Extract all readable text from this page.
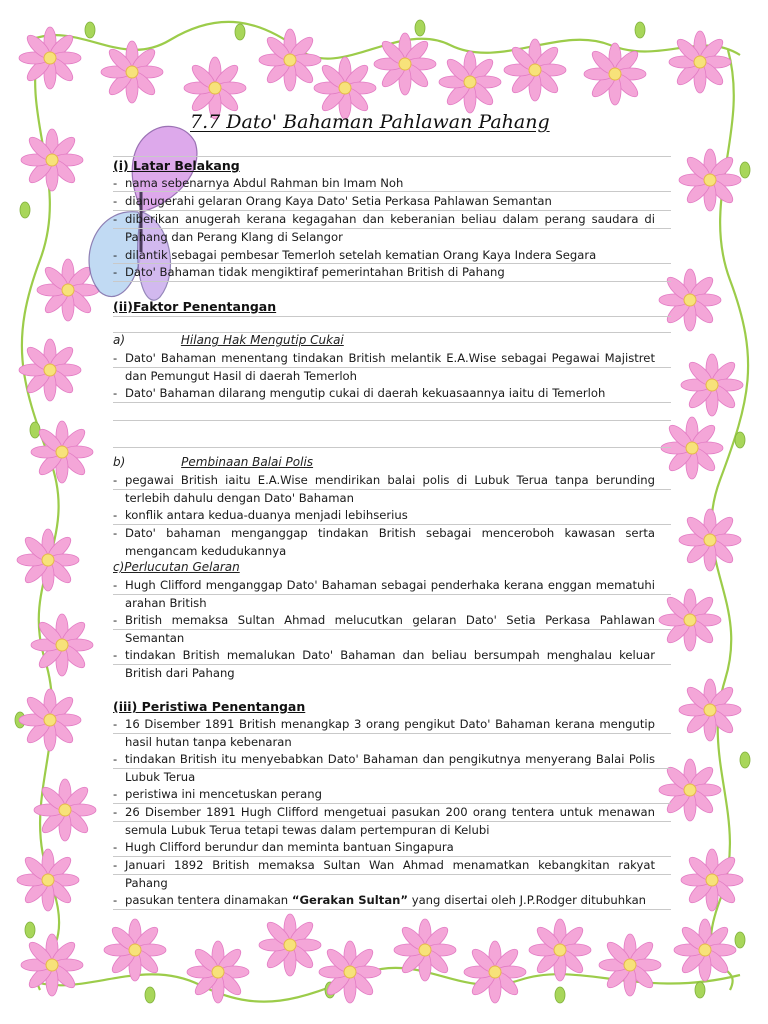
7.7 Dato' Bahaman Pahlawan Pahang
(i) Latar Belakang
- nama sebenarnya Abdul Rahman bin Imam Noh
- dianugerahi gelaran Orang Kaya Dato' Setia Perkasa Pahlawan Semantan
- diberikan anugerah kerana kegagahan dan keberanian beliau dalam perang saudara di Pahang dan Perang Klang di Selangor
- dilantik sebagai pembesar Temerloh setelah kematian Orang Kaya Indera Segara
- Dato' Bahaman tidak mengiktiraf pemerintahan British di Pahang
(ii)Faktor Penentangan
a)	Hilang Hak Mengutip Cukai
- Dato' Bahaman menentang tindakan British melantik E.A.Wise sebagai Pegawai Majistret dan Pemungut Hasil di daerah Temerloh
- Dato' Bahaman dilarang mengutip cukai di daerah kekuasaannya iaitu di Temerloh
b)	Pembinaan Balai Polis
- pegawai British iaitu E.A.Wise mendirikan balai polis di Lubuk Terua tanpa berunding terlebih dahulu dengan Dato' Bahaman
- konflik antara kedua-duanya menjadi lebihserius
- Dato' bahaman menganggap tindakan British sebagai menceroboh kawasan serta mengancam kedudukannya
c)Perlucutan Gelaran
- Hugh Clifford menganggap Dato' Bahaman sebagai penderhaka kerana enggan mematuhi arahan British
- British memaksa Sultan Ahmad melucutkan gelaran Dato' Setia Perkasa Pahlawan Semantan
- tindakan British memalukan Dato' Bahaman dan beliau bersumpah menghalau keluar British dari Pahang
(iii) Peristiwa Penentangan
- 16 Disember 1891 British menangkap 3 orang pengikut Dato' Bahaman kerana mengutip hasil hutan tanpa kebenaran
- tindakan British itu menyebabkan Dato' Bahaman dan pengikutnya menyerang Balai Polis Lubuk Terua
- peristiwa ini mencetuskan perang
- 26 Disember 1891 Hugh Clifford mengetuai pasukan 200 orang tentera untuk menawan semula Lubuk Terua tetapi tewas dalam pertempuran di Kelubi
- Hugh Clifford berundur dan meminta bantuan Singapura
- Januari 1892 British memaksa Sultan Wan Ahmad menamatkan kebangkitan rakyat Pahang
- pasukan tentera dinamakan “Gerakan Sultan” yang disertai oleh J.P.Rodger ditubuhkan
